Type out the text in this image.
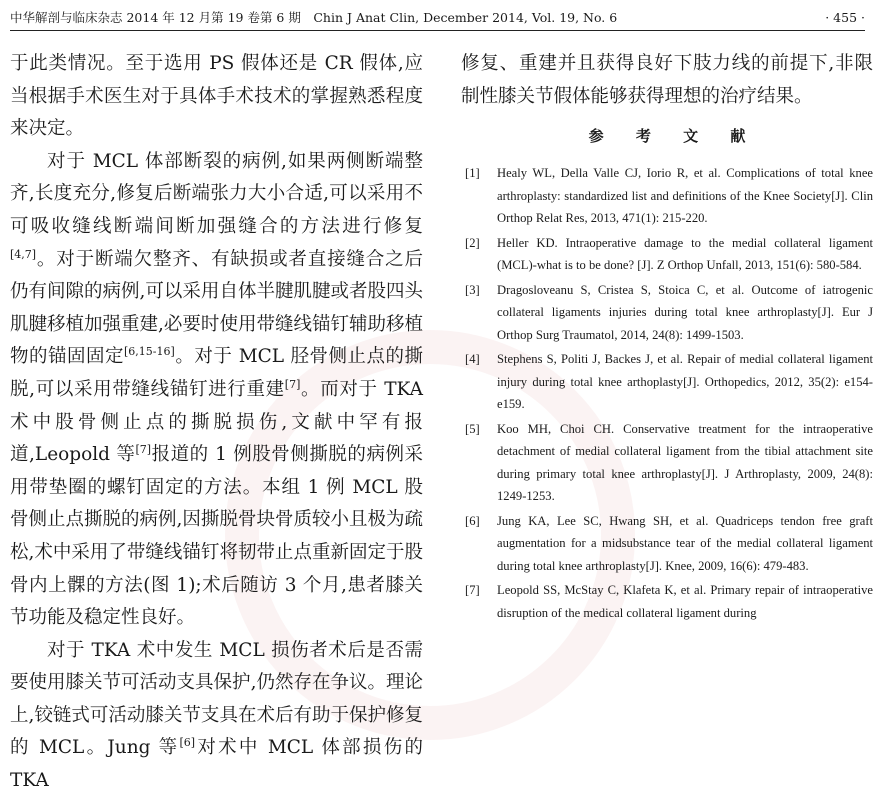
中华解剖与临床杂志 2014 年 12 月第 19 卷第 6 期　Chin J Anat Clin, December 2014, Vol. 19, No. 6	· 455 ·

于此类情况。至于选用 PS 假体还是 CR 假体,应当根据手术医生对于具体手术技术的掌握熟悉程度来决定。

对于 MCL 体部断裂的病例,如果两侧断端整齐,长度充分,修复后断端张力大小合适,可以采用不可吸收缝线断端间断加强缝合的方法进行修复[4,7]。对于断端欠整齐、有缺损或者直接缝合之后仍有间隙的病例,可以采用自体半腱肌腱或者股四头肌腱移植加强重建,必要时使用带缝线锚钉辅助移植物的锚固固定[6,15-16]。对于 MCL 胫骨侧止点的撕脱,可以采用带缝线锚钉进行重建[7]。而对于 TKA 术中股骨侧止点的撕脱损伤,文献中罕有报道,Leopold 等[7]报道的 1 例股骨侧撕脱的病例采用带垫圈的螺钉固定的方法。本组 1 例 MCL 股骨侧止点撕脱的病例,因撕脱骨块骨质较小且极为疏松,术中采用了带缝线锚钉将韧带止点重新固定于股骨内上髁的方法(图 1);术后随访 3 个月,患者膝关节功能及稳定性良好。

对于 TKA 术中发生 MCL 损伤者术后是否需要使用膝关节可活动支具保护,仍然存在争议。理论上,铰链式可活动膝关节支具在术后有助于保护修复的 MCL。Jung 等[6]对术中 MCL 体部损伤的 TKA

修复、重建并且获得良好下肢力线的前提下,非限制性膝关节假体能够获得理想的治疗结果。

参 考 文 献
[1] Healy WL, Della Valle CJ, Iorio R, et al. Complications of total knee arthroplasty: standardized list and definitions of the Knee Society[J]. Clin Orthop Relat Res, 2013, 471(1): 215-220.
[2] Heller KD. Intraoperative damage to the medial collateral ligament (MCL)-what is to be done? [J]. Z Orthop Unfall, 2013, 151(6): 580-584.
[3] Dragosloveanu S, Cristea S, Stoica C, et al. Outcome of iatrogenic collateral ligaments injuries during total knee arthroplasty[J]. Eur J Orthop Surg Traumatol, 2014, 24(8): 1499-1503.
[4] Stephens S, Politi J, Backes J, et al. Repair of medial collateral ligament injury during total knee arthoplasty[J]. Orthopedics, 2012, 35(2): e154-e159.
[5] Koo MH, Choi CH. Conservative treatment for the intraoperative detachment of medial collateral ligament from the tibial attachment site during primary total knee arthroplasty[J]. J Arthroplasty, 2009, 24(8): 1249-1253.
[6] Jung KA, Lee SC, Hwang SH, et al. Quadriceps tendon free graft augmentation for a midsubstance tear of the medial collateral ligament during total knee arthroplasty[J]. Knee, 2009, 16(6): 479-483.
[7] Leopold SS, McStay C, Klafeta K, et al. Primary repair of intraoperative disruption of the medical collateral ligament during
